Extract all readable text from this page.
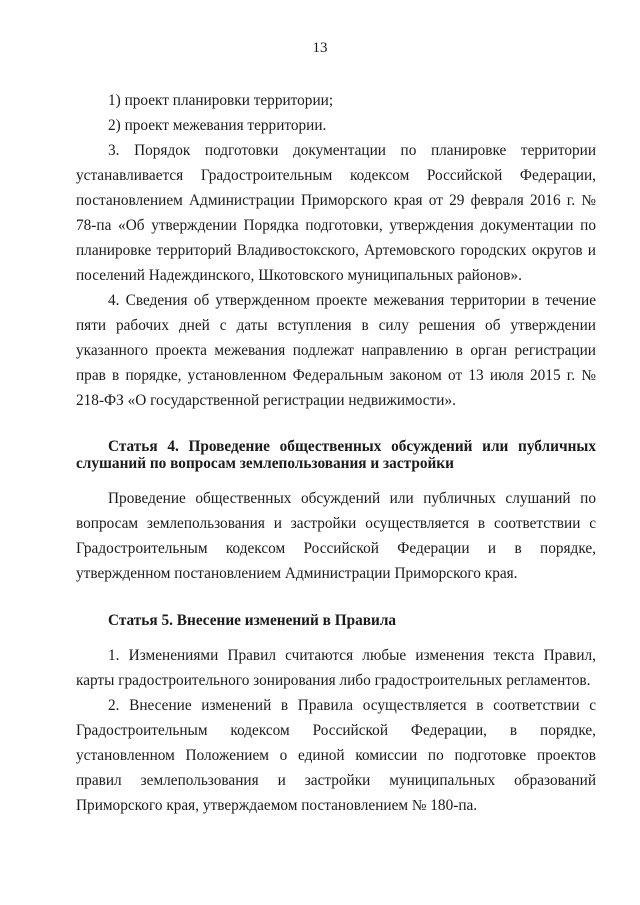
13

1) проект планировки территории;

2) проект межевания территории.

3. Порядок подготовки документации по планировке территории устанавливается Градостроительным кодексом Российской Федерации, постановлением Администрации Приморского края от 29 февраля 2016 г. № 78-па «Об утверждении Порядка подготовки, утверждения документации по планировке территорий Владивостокского, Артемовского городских округов и поселений Надеждинского, Шкотовского муниципальных районов».

4. Сведения об утвержденном проекте межевания территории в течение пяти рабочих дней с даты вступления в силу решения об утверждении указанного проекта межевания подлежат направлению в орган регистрации прав в порядке, установленном Федеральным законом от 13 июля 2015 г. № 218-ФЗ «О государственной регистрации недвижимости».

Статья 4. Проведение общественных обсуждений или публичных слушаний по вопросам землепользования и застройки

Проведение общественных обсуждений или публичных слушаний по вопросам землепользования и застройки осуществляется в соответствии с Градостроительным кодексом Российской Федерации и в порядке, утвержденном постановлением Администрации Приморского края.

Статья 5. Внесение изменений в Правила

1. Изменениями Правил считаются любые изменения текста Правил, карты градостроительного зонирования либо градостроительных регламентов.

2. Внесение изменений в Правила осуществляется в соответствии с Градостроительным кодексом Российской Федерации, в порядке, установленном Положением о единой комиссии по подготовке проектов правил землепользования и застройки муниципальных образований Приморского края, утверждаемом постановлением № 180-па.
